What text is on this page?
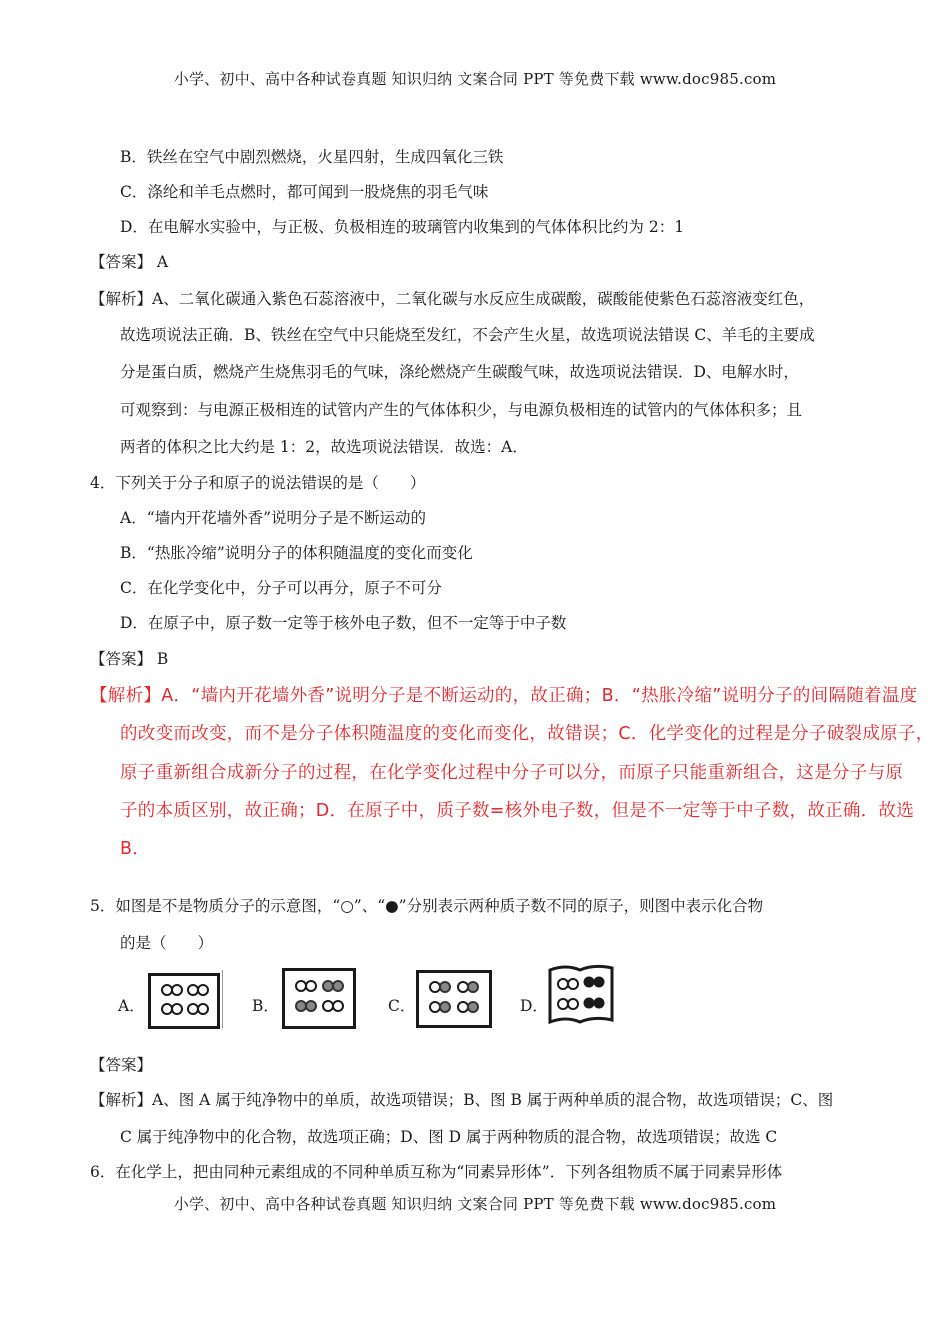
小学、初中、高中各种试卷真题 知识归纳 文案合同 PPT 等免费下载 www.doc985.com
B．铁丝在空气中剧烈燃烧，火星四射，生成四氧化三铁
C．涤纶和羊毛点燃时，都可闻到一股烧焦的羽毛气味
D．在电解水实验中，与正极、负极相连的玻璃管内收集到的气体体积比约为 2：1
【答案】 A
【解析】A、二氧化碳通入紫色石蕊溶液中，二氧化碳与水反应生成碳酸，碳酸能使紫色石蕊溶液变红色，
故选项说法正确．B、铁丝在空气中只能烧至发红，不会产生火星，故选项说法错误 C、羊毛的主要成
分是蛋白质，燃烧产生烧焦羽毛的气味，涤纶燃烧产生碳酸气味，故选项说法错误．D、电解水时，
可观察到：与电源正极相连的试管内产生的气体体积少，与电源负极相连的试管内的气体体积多；且
两者的体积之比大约是 1：2，故选项说法错误．故选：A．
4．下列关于分子和原子的说法错误的是（　　）
A．“墙内开花墙外香”说明分子是不断运动的
B．“热胀冷缩”说明分子的体积随温度的变化而变化
C．在化学变化中，分子可以再分，原子不可分
D．在原子中，原子数一定等于核外电子数，但不一定等于中子数
【答案】 B
【解析】A．“墙内开花墙外香”说明分子是不断运动的，故正确；B．“热胀冷缩”说明分子的间隔随着温度
的改变而改变，而不是分子体积随温度的变化而变化，故错误；C．化学变化的过程是分子破裂成原子，
原子重新组合成新分子的过程，在化学变化过程中分子可以分，而原子只能重新组合，这是分子与原
子的本质区别，故正确；D．在原子中，质子数=核外电子数，但是不一定等于中子数，故正确．故选
B．
5．如图是不是物质分子的示意图，“○”、“●”分别表示两种质子数不同的原子，则图中表示化合物
的是（　　）
A．	B．	C．	D．
【答案】
【解析】A、图 A 属于纯净物中的单质，故选项错误；B、图 B 属于两种单质的混合物，故选项错误；C、图
C 属于纯净物中的化合物，故选项正确；D、图 D 属于两种物质的混合物，故选项错误；故选 C
6．在化学上，把由同种元素组成的不同种单质互称为“同素异形体”．下列各组物质不属于同素异形体
小学、初中、高中各种试卷真题 知识归纳 文案合同 PPT 等免费下载 www.doc985.com
